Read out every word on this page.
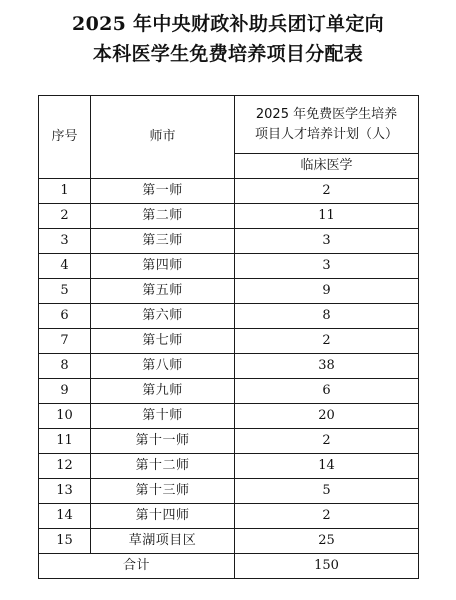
2025 年中央财政补助兵团订单定向
本科医学生免费培养项目分配表
序号	师市	2025 年免费医学生培养
项目人才培养计划（人）

		临床医学
1	第一师	2
2	第二师	11
3	第三师	3
4	第四师	3
5	第五师	9
6	第六师	8
7	第七师	2
8	第八师	38
9	第九师	6
10	第十师	20
11	第十一师	2
12	第十二师	14
13	第十三师	5
14	第十四师	2
15	草湖项目区	25
合计		150
